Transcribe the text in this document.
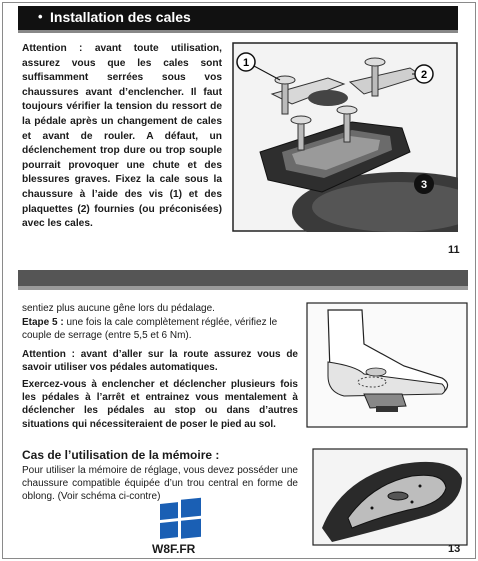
• Installation des cales
Attention : avant toute utilisation, assurez vous que les cales sont suffisamment serrées sous vos chaussures avant d’enclencher. Il faut toujours vérifier la tension du ressort de la pédale après un changement de cales et avant de rouler. A défaut, un déclenchement trop dure ou trop souple pourrait provoquer une chute et des blessures graves. Fixez la cale sous la chaussure à l’aide des vis (1) et des plaquettes (2) fournies (ou préconisées) avec les cales.
1
2
3
11
sentiez plus aucune gêne lors du pédalage.
Etape 5 : une fois la cale complètement réglée, vérifiez le couple de serrage (entre 5,5 et 6 Nm).
Attention : avant d’aller sur la route assurez vous de savoir utiliser vos pédales automatiques.
Exercez-vous à enclencher et déclencher plusieurs fois les pédales à l’arrêt et entrainez vous mentalement à déclencher les pédales au stop ou dans d’autres situations qui nécessiteraient de poser le pied au sol.
Cas de l’utilisation de la mémoire :
Pour utiliser la mémoire de réglage, vous devez posséder une chaussure compatible équipée d’un trou central en forme de oblong. (Voir schéma ci-contre)
13
W8F.FR
